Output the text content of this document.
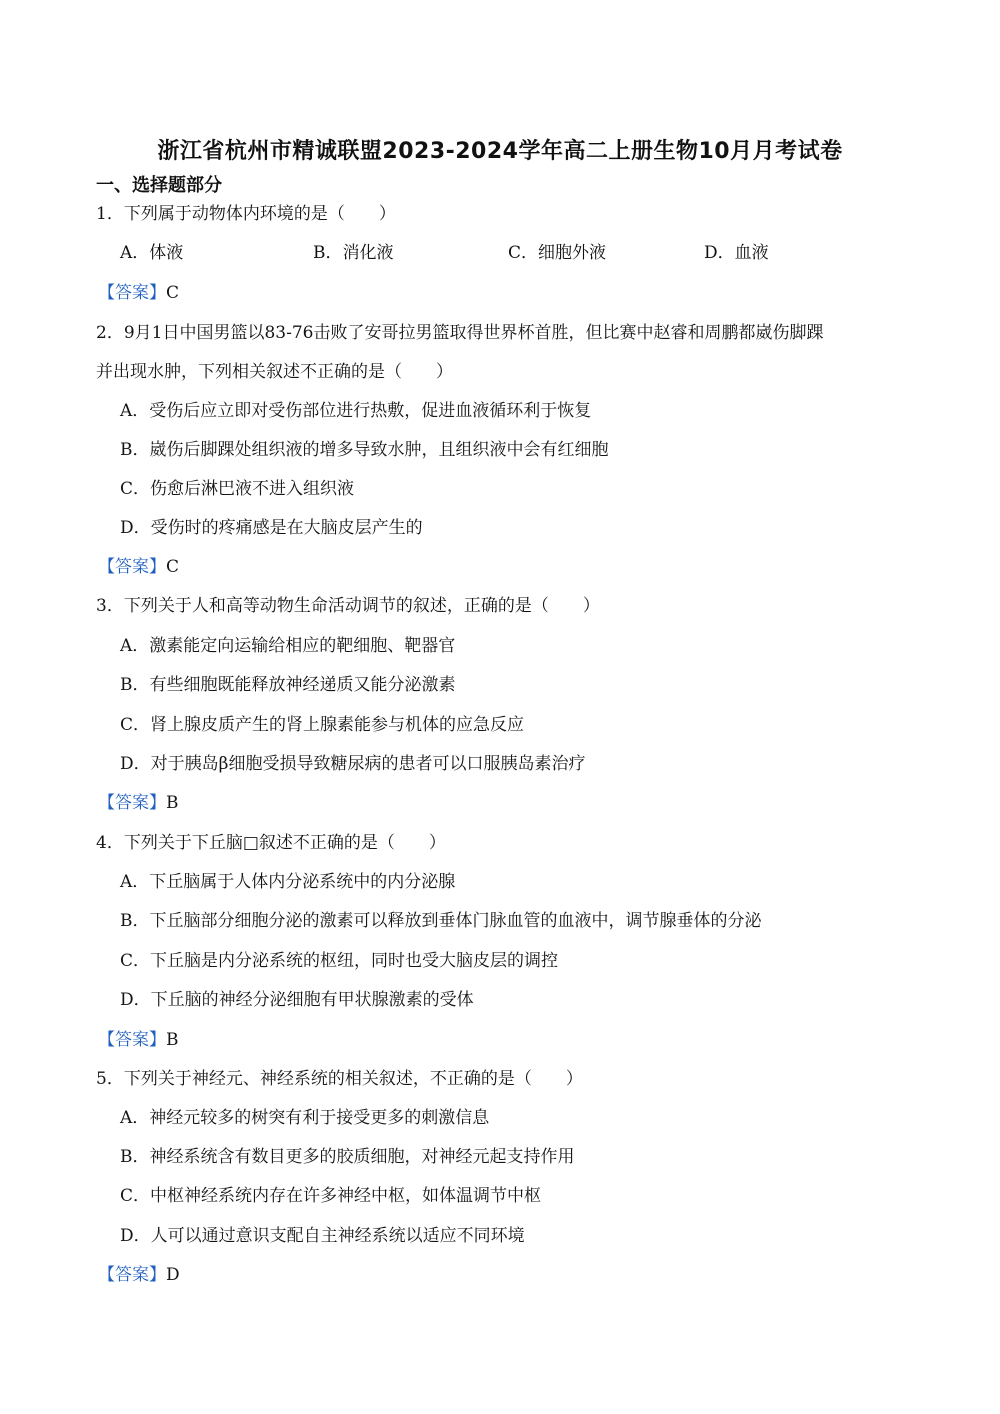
浙江省杭州市精诚联盟2023-2024学年高二上册生物10月月考试卷
一、选择题部分
1．下列属于动物体内环境的是（　　）
A．体液	B．消化液	C．细胞外液	D．血液
【答案】C
2．9月1日中国男篮以83-76击败了安哥拉男篮取得世界杯首胜，但比赛中赵睿和周鹏都崴伤脚踝
并出现水肿，下列相关叙述不正确的是（　　）
A．受伤后应立即对受伤部位进行热敷，促进血液循环利于恢复
B．崴伤后脚踝处组织液的增多导致水肿，且组织液中会有红细胞
C．伤愈后淋巴液不进入组织液
D．受伤时的疼痛感是在大脑皮层产生的
【答案】C
3．下列关于人和高等动物生命活动调节的叙述，正确的是（　　）
A．激素能定向运输给相应的靶细胞、靶器官
B．有些细胞既能释放神经递质又能分泌激素
C．肾上腺皮质产生的肾上腺素能参与机体的应急反应
D．对于胰岛β细胞受损导致糖尿病的患者可以口服胰岛素治疗
【答案】B
4．下列关于下丘脑□叙述不正确的是（　　）
A．下丘脑属于人体内分泌系统中的内分泌腺
B．下丘脑部分细胞分泌的激素可以释放到垂体门脉血管的血液中，调节腺垂体的分泌
C．下丘脑是内分泌系统的枢纽，同时也受大脑皮层的调控
D．下丘脑的神经分泌细胞有甲状腺激素的受体
【答案】B
5．下列关于神经元、神经系统的相关叙述，不正确的是（　　）
A．神经元较多的树突有利于接受更多的刺激信息
B．神经系统含有数目更多的胶质细胞，对神经元起支持作用
C．中枢神经系统内存在许多神经中枢，如体温调节中枢
D．人可以通过意识支配自主神经系统以适应不同环境
【答案】D
